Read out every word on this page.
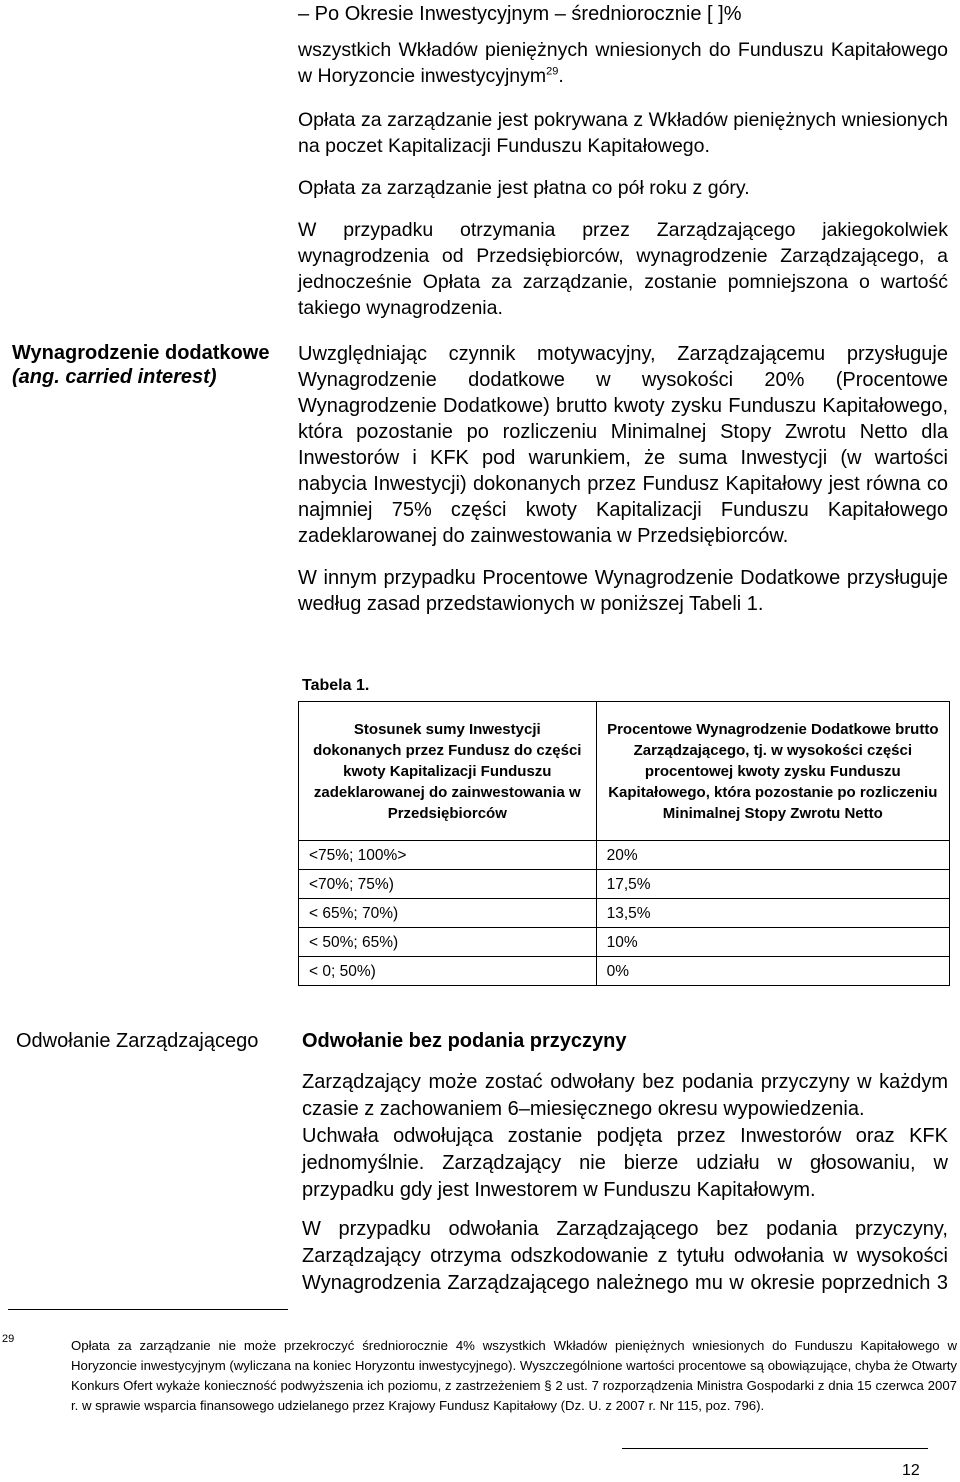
– Po Okresie Inwestycyjnym – średniorocznie [ ]%

wszystkich Wkładów pieniężnych wniesionych do Funduszu Kapitałowego w Horyzoncie inwestycyjnym$^{29}$.

Opłata za zarządzanie jest pokrywana z Wkładów pieniężnych wniesionych na poczet Kapitalizacji Funduszu Kapitałowego.

Opłata za zarządzanie jest płatna co pół roku z góry.

W przypadku otrzymania przez Zarządzającego jakiegokolwiek wynagrodzenia od Przedsiębiorców, wynagrodzenie Zarządzającego, a jednocześnie Opłata za zarządzanie, zostanie pomniejszona o wartość takiego wynagrodzenia.

Wynagrodzenie dodatkowe
(ang. carried interest)

Uwzględniając czynnik motywacyjny, Zarządzającemu przysługuje Wynagrodzenie dodatkowe w wysokości 20% (Procentowe Wynagrodzenie Dodatkowe) brutto kwoty zysku Funduszu Kapitałowego, która pozostanie po rozliczeniu Minimalnej Stopy Zwrotu Netto dla Inwestorów i KFK pod warunkiem, że suma Inwestycji (w wartości nabycia Inwestycji) dokonanych przez Fundusz Kapitałowy jest równa co najmniej 75% części kwoty Kapitalizacji Funduszu Kapitałowego zadeklarowanej do zainwestowania w Przedsiębiorców.

W innym przypadku Procentowe Wynagrodzenie Dodatkowe przysługuje według zasad przedstawionych w poniższej Tabeli 1.

Tabela 1.
Stosunek sumy Inwestycji dokonanych przez Fundusz do części kwoty Kapitalizacji Funduszu zadeklarowanej do zainwestowania w Przedsiębiorców	Procentowe Wynagrodzenie Dodatkowe brutto Zarządzającego, tj. w wysokości części procentowej kwoty zysku Funduszu Kapitałowego, która pozostanie po rozliczeniu Minimalnej Stopy Zwrotu Netto
<75%; 100%>	20%
<70%; 75%)	17,5%
< 65%; 70%)	13,5%
< 50%; 65%)	10%
< 0; 50%)	0%
Odwołanie Zarządzającego Odwołanie bez podania przyczyny

Zarządzający może zostać odwołany bez podania przyczyny w każdym czasie z zachowaniem 6–miesięcznego okresu wypowiedzenia.

Uchwała odwołująca zostanie podjęta przez Inwestorów oraz KFK jednomyślnie. Zarządzający nie bierze udziału w głosowaniu, w przypadku gdy jest Inwestorem w Funduszu Kapitałowym.

W przypadku odwołania Zarządzającego bez podania przyczyny, Zarządzający otrzyma odszkodowanie z tytułu odwołania w wysokości Wynagrodzenia Zarządzającego należnego mu w okresie poprzednich 3

29	Opłata za zarządzanie nie może przekroczyć średniorocznie 4% wszystkich Wkładów pieniężnych wniesionych do Funduszu Kapitałowego w Horyzoncie inwestycyjnym (wyliczana na koniec Horyzontu inwestycyjnego). Wyszczególnione wartości procentowe są obowiązujące, chyba że Otwarty Konkurs Ofert wykaże konieczność podwyższenia ich poziomu, z zastrzeżeniem § 2 ust. 7 rozporządzenia Ministra Gospodarki z dnia 15 czerwca 2007 r. w sprawie wsparcia finansowego udzielanego przez Krajowy Fundusz Kapitałowy (Dz. U. z 2007 r. Nr 115, poz. 796).
12
